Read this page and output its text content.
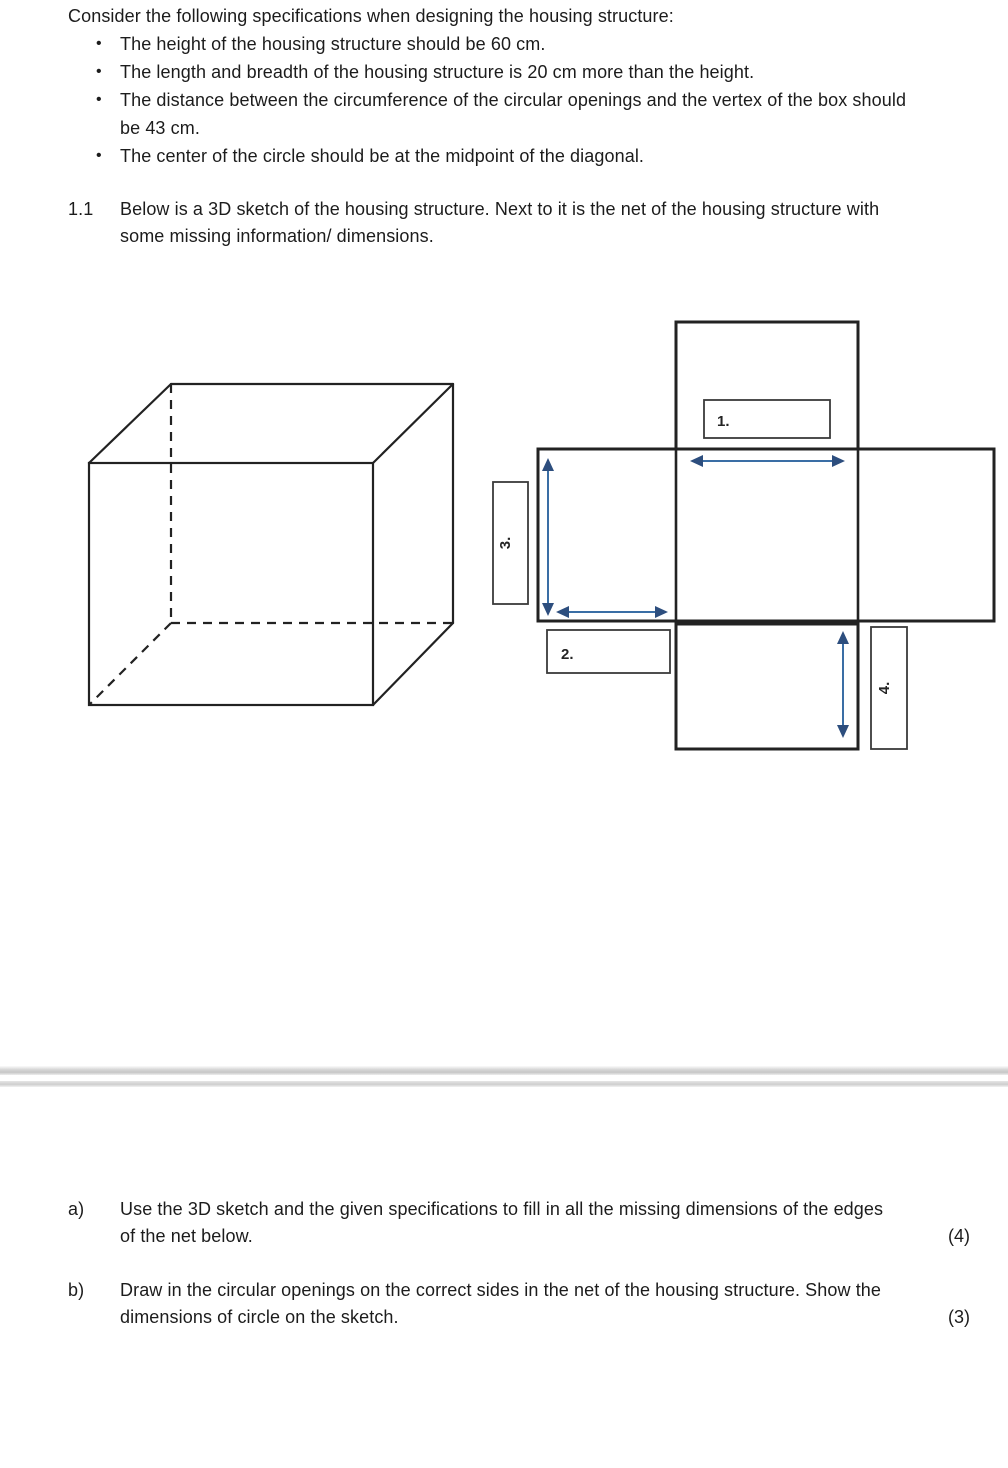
Consider the following specifications when designing the housing structure:
• The height of the housing structure should be 60 cm.
• The length and breadth of the housing structure is 20 cm more than the height.
• The distance between the circumference of the circular openings and the vertex of the box should
be 43 cm.
• The center of the circle should be at the midpoint of the diagonal.
1.1 Below is a 3D sketch of the housing structure. Next to it is the net of the housing structure with
some missing information/ dimensions.
1.
2.
3.
4.
a) Use the 3D sketch and the given specifications to fill in all the missing dimensions of the edges
of the net below.	(4)
b) Draw in the circular openings on the correct sides in the net of the housing structure. Show the
dimensions of circle on the sketch.	(3)
